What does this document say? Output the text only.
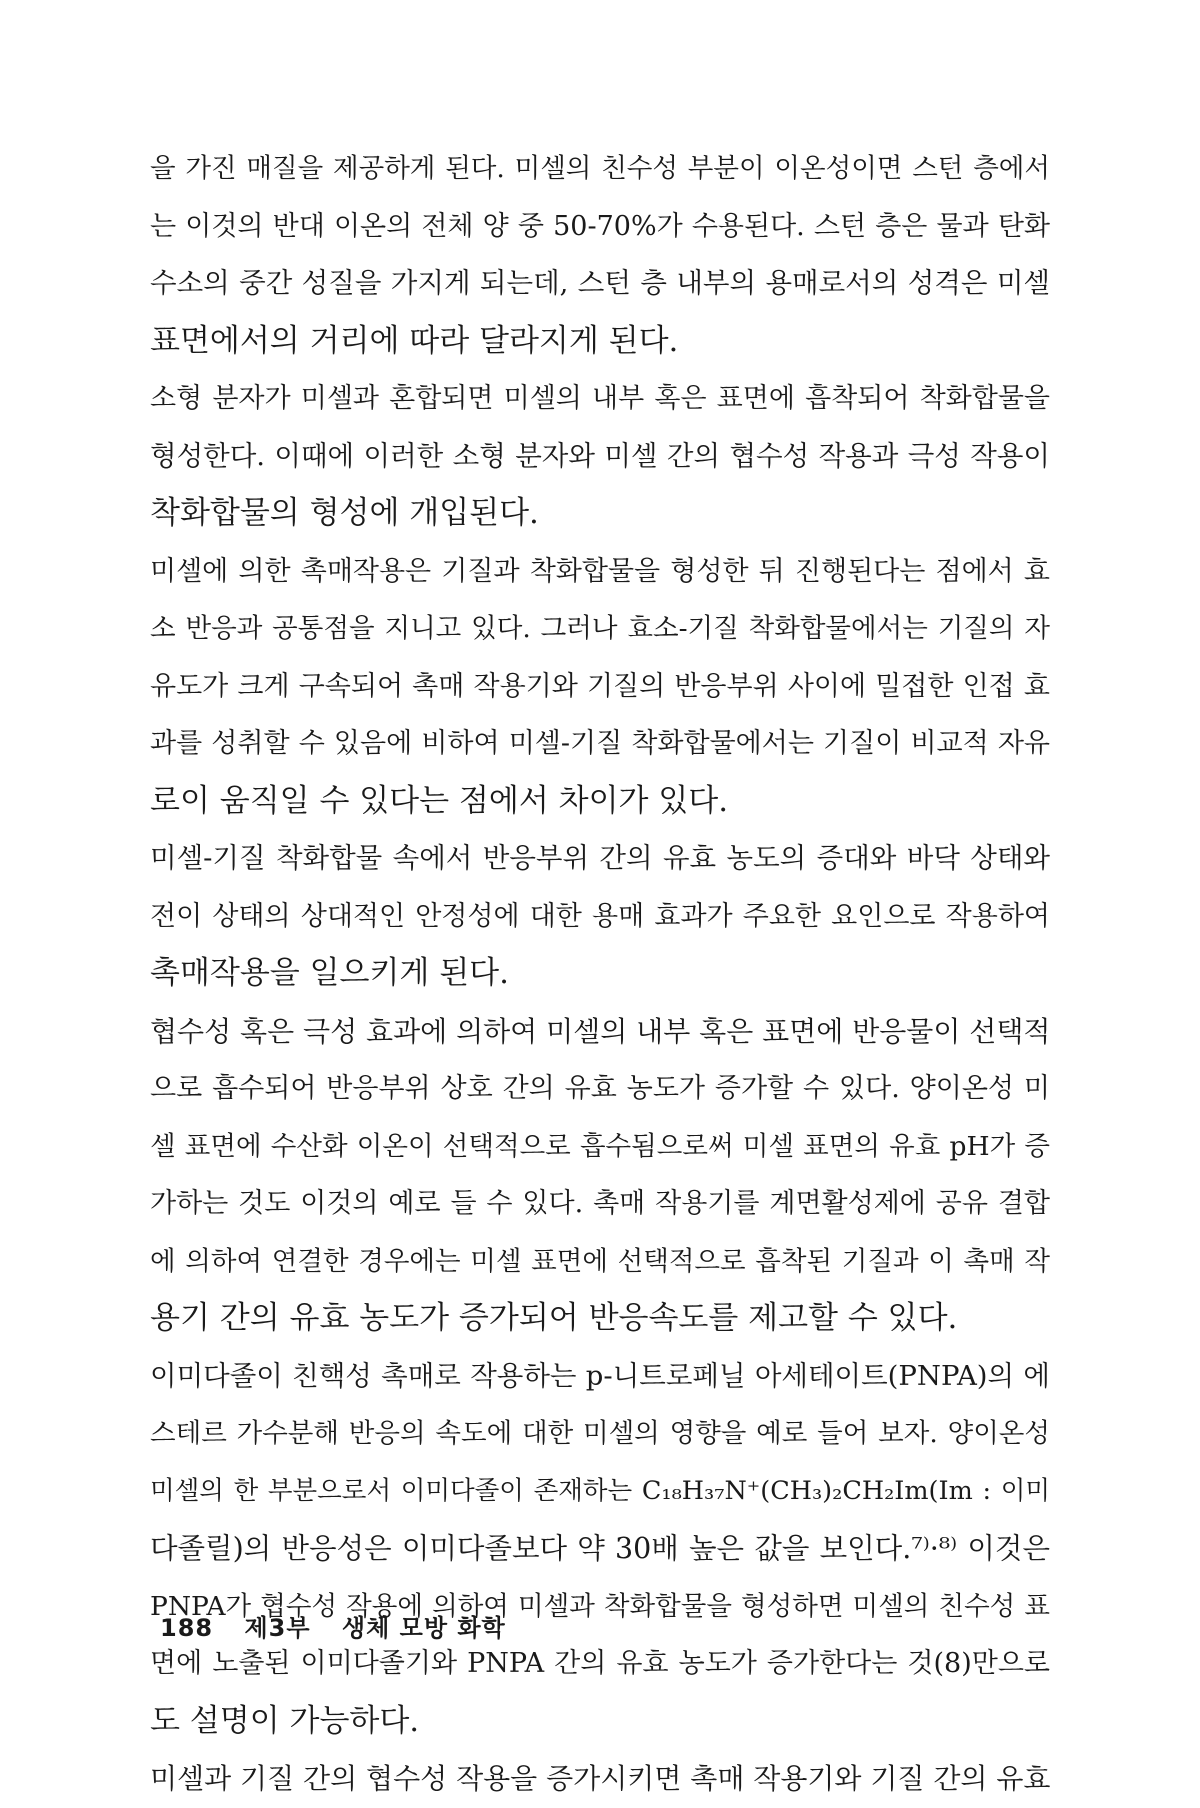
을 가진 매질을 제공하게 된다. 미셀의 친수성 부분이 이온성이면 스턴 층에서
는 이것의 반대 이온의 전체 양 중 50-70%가 수용된다. 스턴 층은 물과 탄화
수소의 중간 성질을 가지게 되는데, 스턴 층 내부의 용매로서의 성격은 미셀
표면에서의 거리에 따라 달라지게 된다.
소형 분자가 미셀과 혼합되면 미셀의 내부 혹은 표면에 흡착되어 착화합물을
형성한다. 이때에 이러한 소형 분자와 미셀 간의 협수성 작용과 극성 작용이
착화합물의 형성에 개입된다.
미셀에 의한 촉매작용은 기질과 착화합물을 형성한 뒤 진행된다는 점에서 효
소 반응과 공통점을 지니고 있다. 그러나 효소-기질 착화합물에서는 기질의 자
유도가 크게 구속되어 촉매 작용기와 기질의 반응부위 사이에 밀접한 인접 효
과를 성취할 수 있음에 비하여 미셀-기질 착화합물에서는 기질이 비교적 자유
로이 움직일 수 있다는 점에서 차이가 있다.
미셀-기질 착화합물 속에서 반응부위 간의 유효 농도의 증대와 바닥 상태와
전이 상태의 상대적인 안정성에 대한 용매 효과가 주요한 요인으로 작용하여
촉매작용을 일으키게 된다.
협수성 혹은 극성 효과에 의하여 미셀의 내부 혹은 표면에 반응물이 선택적
으로 흡수되어 반응부위 상호 간의 유효 농도가 증가할 수 있다. 양이온성 미
셀 표면에 수산화 이온이 선택적으로 흡수됨으로써 미셀 표면의 유효 pH가 증
가하는 것도 이것의 예로 들 수 있다. 촉매 작용기를 계면활성제에 공유 결합
에 의하여 연결한 경우에는 미셀 표면에 선택적으로 흡착된 기질과 이 촉매 작
용기 간의 유효 농도가 증가되어 반응속도를 제고할 수 있다.
이미다졸이 친핵성 촉매로 작용하는 p-니트로페닐 아세테이트(PNPA)의 에
스테르 가수분해 반응의 속도에 대한 미셀의 영향을 예로 들어 보자. 양이온성
미셀의 한 부분으로서 이미다졸이 존재하는 C₁₈H₃₇N⁺(CH₃)₂CH₂Im(Im : 이미
다졸릴)의 반응성은 이미다졸보다 약 30배 높은 값을 보인다.⁷⁾·⁸⁾ 이것은
PNPA가 협수성 작용에 의하여 미셀과 착화합물을 형성하면 미셀의 친수성 표
면에 노출된 이미다졸기와 PNPA 간의 유효 농도가 증가한다는 것(8)만으로
도 설명이 가능하다.
미셀과 기질 간의 협수성 작용을 증가시키면 촉매 작용기와 기질 간의 유효
188 제3부 생체 모방 화학
